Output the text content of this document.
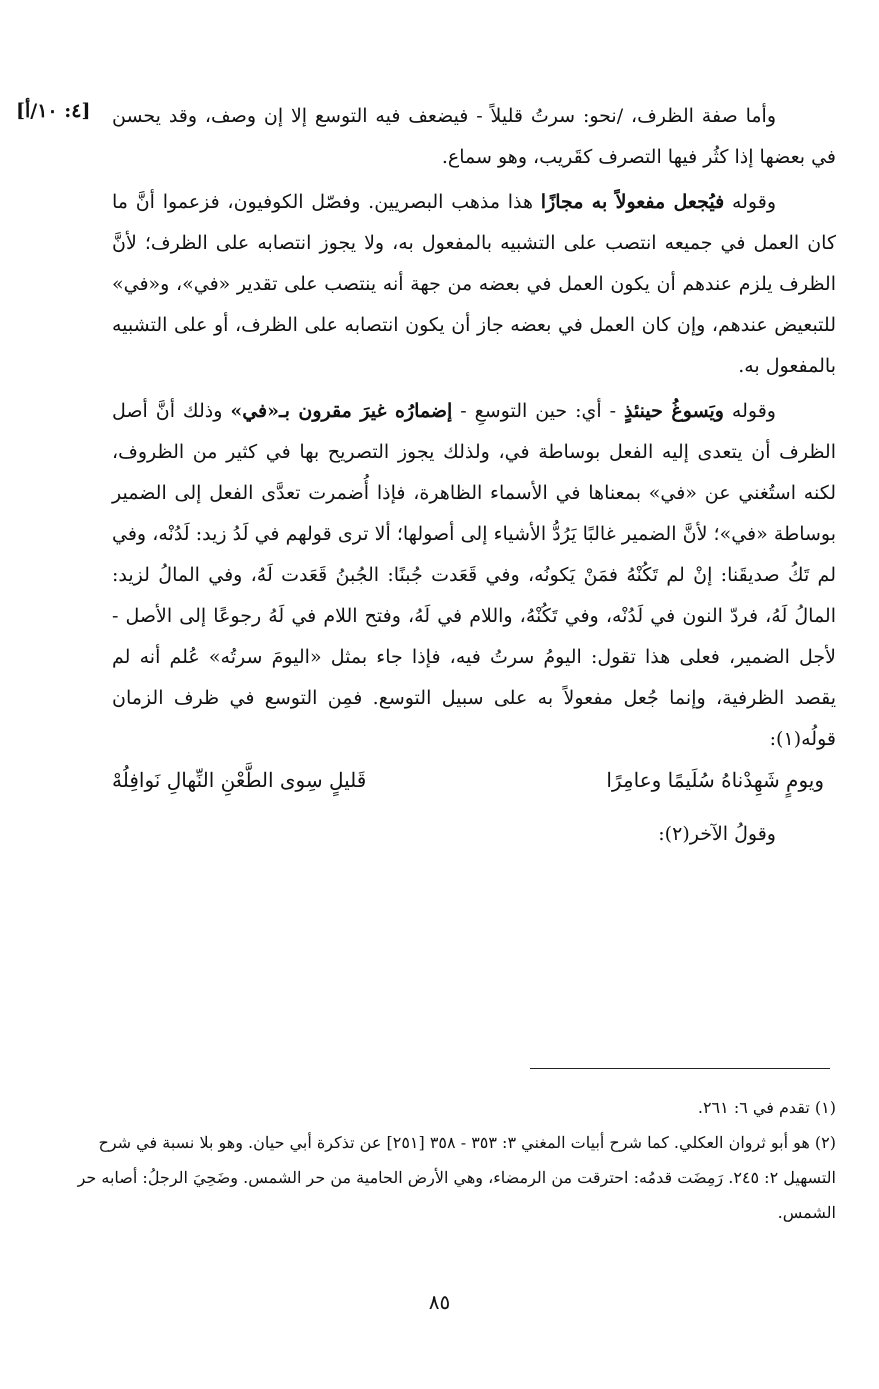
[٤: ١٠/أ] وأما صفة الظرف، /نحو: سرتُ قليلاً - فيضعف فيه التوسع إلا إن وصف، وقد يحسن في بعضها إذا كثُر فيها التصرف كقَريب، وهو سماع.

وقوله فيُجعل مفعولاً به مجازًا هذا مذهب البصريين. وفصّل الكوفيون، فزعموا أنَّ ما كان العمل في جميعه انتصب على التشبيه بالمفعول به، ولا يجوز انتصابه على الظرف؛ لأنَّ الظرف يلزم عندهم أن يكون العمل في بعضه من جهة أنه ينتصب على تقدير «في»، و«في» للتبعيض عندهم، وإن كان العمل في بعضه جاز أن يكون انتصابه على الظرف، أو على التشبيه بالمفعول به.

وقوله ويَسوغُ حينئذٍ - أي: حين التوسعِ - إضمارُه غيرَ مقرون بـ«في» وذلك أنَّ أصل الظرف أن يتعدى إليه الفعل بوساطة في، ولذلك يجوز التصريح بها في كثير من الظروف، لكنه استُغني عن «في» بمعناها في الأسماء الظاهرة، فإذا أُضمرت تعدَّى الفعل إلى الضمير بوساطة «في»؛ لأنَّ الضمير غالبًا يَرُدُّ الأشياء إلى أصولها؛ ألا ترى قولهم في لَدُ زيد: لَدُنْه، وفي لم تَكُ صديقَنا: إنْ لم تَكُنْهُ فمَنْ يَكونُه، وفي قَعَدت جُبنًا: الجُبنُ قَعَدت لَهُ، وفي المالُ لزيد: المالُ لَهُ، فردّ النون في لَدُنْه، وفي تَكُنْهُ، واللام في لَهُ، وفتح اللام في لَهُ رجوعًا إلى الأصل - لأجل الضمير، فعلى هذا تقول: اليومُ سرتُ فيه، فإذا جاء بمثل «اليومَ سرتُه» عُلم أنه لم يقصد الظرفية، وإنما جُعل مفعولاً به على سبيل التوسع. فمِن التوسع في ظرف الزمان قولُه(١):

ويومٍ شَهِدْناهُ سُلَيمًا وعامِرًا
قَليلٍ سِوى الطَّعْنِ النِّهالِ نَوافِلُهْ

وقولُ الآخر(٢):

(١) تقدم في ٦: ٢٦١.

(٢) هو أبو ثروان العكلي. كما شرح أبيات المغني ٣: ٣٥٣ - ٣٥٨ [٢٥١] عن تذكرة أبي حيان. وهو بلا نسبة في شرح التسهيل ٢: ٢٤٥. رَمِضَت قدمُه: احترقت من الرمضاء، وهي الأرض الحامية من حر الشمس. وضَحِيَ الرجلُ: أصابه حر الشمس.

٨٥
